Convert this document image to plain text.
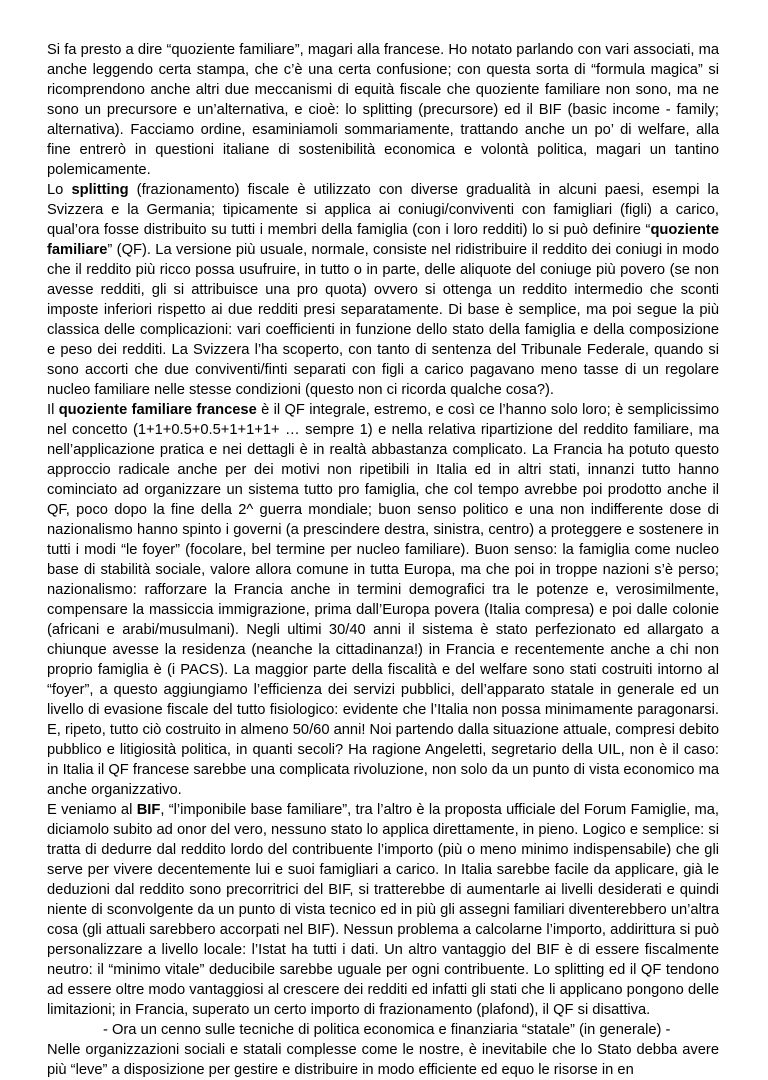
Si fa presto a dire “quoziente familiare”, magari alla francese. Ho notato parlando con vari associati, ma anche leggendo certa stampa, che c’è una certa confusione; con questa sorta di “formula magica” si ricomprendono anche altri due meccanismi di equità fiscale che quoziente familiare non sono, ma ne sono un precursore e un’alternativa, e cioè: lo splitting (precursore) ed il BIF (basic income - family; alternativa). Facciamo ordine, esaminiamoli sommariamente, trattando anche un po’ di welfare, alla fine entrerò in questioni italiane di sostenibilità economica e volontà politica, magari un tantino polemicamente.

Lo splitting (frazionamento) fiscale è utilizzato con diverse gradualità in alcuni paesi, esempi la Svizzera e la Germania; tipicamente si applica ai coniugi/conviventi con famigliari (figli) a carico, qual’ora fosse distribuito su tutti i membri della famiglia (con i loro redditi) lo si può definire “quoziente familiare” (QF). La versione più usuale, normale, consiste nel ridistribuire il reddito dei coniugi in modo che il reddito più ricco possa usufruire, in tutto o in parte, delle aliquote del coniuge più povero (se non avesse redditi, gli si attribuisce una pro quota) ovvero si ottenga un reddito intermedio che sconti imposte inferiori rispetto ai due redditi presi separatamente. Di base è semplice, ma poi segue la più classica delle complicazioni: vari coefficienti in funzione dello stato della famiglia e della composizione e peso dei redditi. La Svizzera l’ha scoperto, con tanto di sentenza del Tribunale Federale, quando si sono accorti che due conviventi/finti separati con figli a carico pagavano meno tasse di un regolare nucleo familiare nelle stesse condizioni (questo non ci ricorda qualche cosa?).

Il quoziente familiare francese è il QF integrale, estremo, e così ce l’hanno solo loro; è semplicissimo nel concetto (1+1+0.5+0.5+1+1+1+ … sempre 1) e nella relativa ripartizione del reddito familiare, ma nell’applicazione pratica e nei dettagli è in realtà abbastanza complicato. La Francia ha potuto questo approccio radicale anche per dei motivi non ripetibili in Italia ed in altri stati, innanzi tutto hanno cominciato ad organizzare un sistema tutto pro famiglia, che col tempo avrebbe poi prodotto anche il QF, poco dopo la fine della 2^ guerra mondiale; buon senso politico e una non indifferente dose di nazionalismo hanno spinto i governi (a prescindere destra, sinistra, centro) a proteggere e sostenere in tutti i modi “le foyer” (focolare, bel termine per nucleo familiare). Buon senso: la famiglia come nucleo base di stabilità sociale, valore allora comune in tutta Europa, ma che poi in troppe nazioni s’è perso; nazionalismo: rafforzare la Francia anche in termini demografici tra le potenze e, verosimilmente, compensare la massiccia immigrazione, prima dall’Europa povera (Italia compresa) e poi dalle colonie (africani e arabi/musulmani). Negli ultimi 30/40 anni il sistema è stato perfezionato ed allargato a chiunque avesse la residenza (neanche la cittadinanza!) in Francia e recentemente anche a chi non proprio famiglia è (i PACS). La maggior parte della fiscalità e del welfare sono stati costruiti intorno al “foyer”, a questo aggiungiamo l’efficienza dei servizi pubblici, dell’apparato statale in generale ed un livello di evasione fiscale del tutto fisiologico: evidente che l’Italia non possa minimamente paragonarsi. E, ripeto, tutto ciò costruito in almeno 50/60 anni! Noi partendo dalla situazione attuale, compresi debito pubblico e litigiosità politica, in quanti secoli? Ha ragione Angeletti, segretario della UIL, non è il caso: in Italia il QF francese sarebbe una complicata rivoluzione, non solo da un punto di vista economico ma anche organizzativo.

E veniamo al BIF, “l’imponibile base familiare”, tra l’altro è la proposta ufficiale del Forum Famiglie, ma, diciamolo subito ad onor del vero, nessuno stato lo applica direttamente, in pieno. Logico e semplice: si tratta di dedurre dal reddito lordo del contribuente l’importo (più o meno minimo indispensabile) che gli serve per vivere decentemente lui e suoi famigliari a carico. In Italia sarebbe facile da applicare, già le deduzioni dal reddito sono precorritrici del BIF, si tratterebbe di aumentarle ai livelli desiderati e quindi niente di sconvolgente da un punto di vista tecnico ed in più gli assegni familiari diventerebbero un’altra cosa (gli attuali sarebbero accorpati nel BIF). Nessun problema a calcolarne l’importo, addirittura si può personalizzare a livello locale: l’Istat ha tutti i dati. Un altro vantaggio del BIF è di essere fiscalmente neutro: il “minimo vitale” deducibile sarebbe uguale per ogni contribuente. Lo splitting ed il QF tendono ad essere oltre modo vantaggiosi al crescere dei redditi ed infatti gli stati che li applicano pongono delle limitazioni; in Francia, superato un certo importo di frazionamento (plafond), il QF si disattiva.

- Ora un cenno sulle tecniche di politica economica e finanziaria “statale” (in generale) -

Nelle organizzazioni sociali e statali complesse come le nostre, è inevitabile che lo Stato debba avere più “leve” a disposizione per gestire e distribuire in modo efficiente ed equo le risorse in en
